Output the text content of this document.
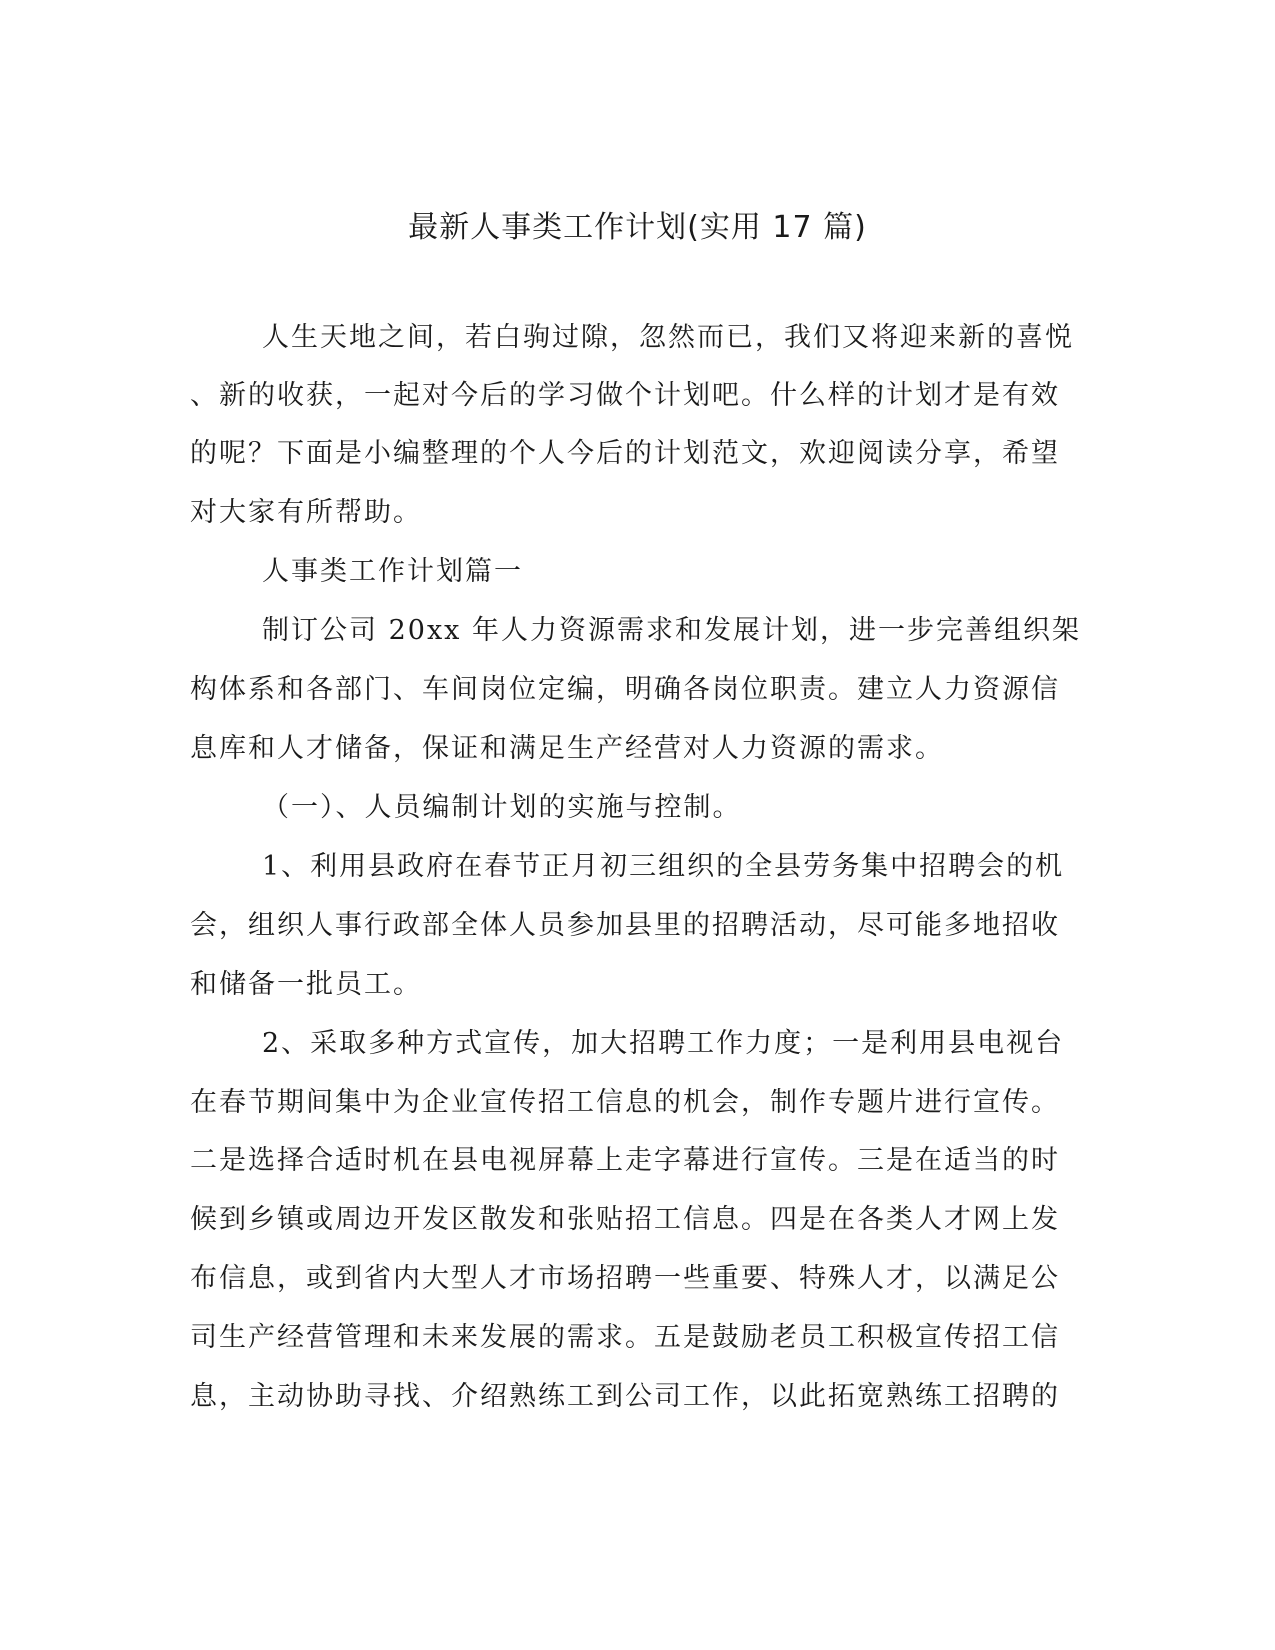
最新人事类工作计划(实用 17 篇)

人生天地之间，若白驹过隙，忽然而已，我们又将迎来新的喜悦

、新的收获，一起对今后的学习做个计划吧。什么样的计划才是有效

的呢？下面是小编整理的个人今后的计划范文，欢迎阅读分享，希望

对大家有所帮助。

人事类工作计划篇一

制订公司 20xx 年人力资源需求和发展计划，进一步完善组织架

构体系和各部门、车间岗位定编，明确各岗位职责。建立人力资源信

息库和人才储备，保证和满足生产经营对人力资源的需求。

（一）、人员编制计划的实施与控制。

1、利用县政府在春节正月初三组织的全县劳务集中招聘会的机

会，组织人事行政部全体人员参加县里的招聘活动，尽可能多地招收

和储备一批员工。

2、采取多种方式宣传，加大招聘工作力度；一是利用县电视台

在春节期间集中为企业宣传招工信息的机会，制作专题片进行宣传。

二是选择合适时机在县电视屏幕上走字幕进行宣传。三是在适当的时

候到乡镇或周边开发区散发和张贴招工信息。四是在各类人才网上发

布信息，或到省内大型人才市场招聘一些重要、特殊人才，以满足公

司生产经营管理和未来发展的需求。五是鼓励老员工积极宣传招工信

息，主动协助寻找、介绍熟练工到公司工作，以此拓宽熟练工招聘的
